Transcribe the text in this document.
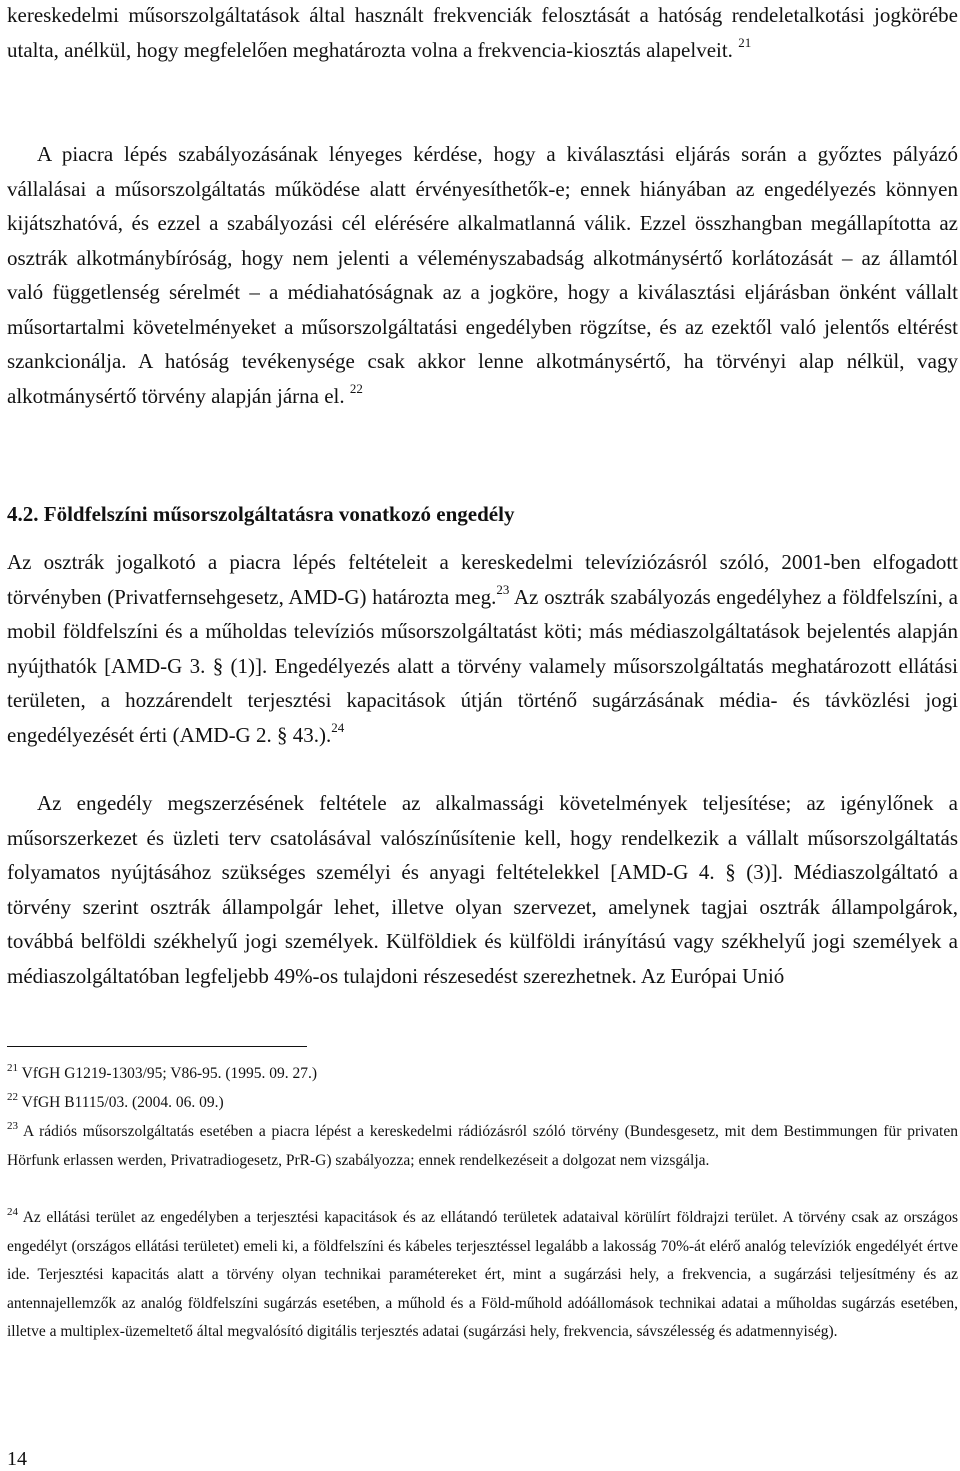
kereskedelmi műsorszolgáltatások által használt frekvenciák felosztását a hatóság rendeletalkotási jogkörébe utalta, anélkül, hogy megfelelően meghatározta volna a frekvencia-kiosztás alapelveit. $^{21}$

A piacra lépés szabályozásának lényeges kérdése, hogy a kiválasztási eljárás során a győztes pályázó vállalásai a műsorszolgáltatás működése alatt érvényesíthetők-e; ennek hiányában az engedélyezés könnyen kijátszhatóvá, és ezzel a szabályozási cél elérésére alkalmatlanná válik. Ezzel összhangban megállapította az osztrák alkotmánybíróság, hogy nem jelenti a véleményszabadság alkotmánysértő korlátozását – az államtól való függetlenség sérelmét – a médiahatóságnak az a jogköre, hogy a kiválasztási eljárásban önként vállalt műsortartalmi követelményeket a műsorszolgáltatási engedélyben rögzítse, és az ezektől való jelentős eltérést szankcionálja. A hatóság tevékenysége csak akkor lenne alkotmánysértő, ha törvényi alap nélkül, vagy alkotmánysértő törvény alapján járna el. $^{22}$

4.2. Földfelszíni műsorszolgáltatásra vonatkozó engedély

Az osztrák jogalkotó a piacra lépés feltételeit a kereskedelmi televíziózásról szóló, 2001-ben elfogadott törvényben (Privatfernsehgesetz, AMD-G) határozta meg.$^{23}$ Az osztrák szabályozás engedélyhez a földfelszíni, a mobil földfelszíni és a műholdas televíziós műsorszolgáltatást köti; más médiaszolgáltatások bejelentés alapján nyújthatók [AMD-G 3. § (1)]. Engedélyezés alatt a törvény valamely műsorszolgáltatás meghatározott ellátási területen, a hozzárendelt terjesztési kapacitások útján történő sugárzásának média- és távközlési jogi engedélyezését érti (AMD-G 2. § 43.).$^{24}$

Az engedély megszerzésének feltétele az alkalmassági követelmények teljesítése; az igénylőnek a műsorszerkezet és üzleti terv csatolásával valószínűsítenie kell, hogy rendelkezik a vállalt műsorszolgáltatás folyamatos nyújtásához szükséges személyi és anyagi feltételekkel [AMD-G 4. § (3)]. Médiaszolgáltató a törvény szerint osztrák állampolgár lehet, illetve olyan szervezet, amelynek tagjai osztrák állampolgárok, továbbá belföldi székhelyű jogi személyek. Külföldiek és külföldi irányítású vagy székhelyű jogi személyek a médiaszolgáltatóban legfeljebb 49%-os tulajdoni részesedést szerezhetnek. Az Európai Unió

$^{21}$ VfGH G1219-1303/95; V86-95. (1995. 09. 27.)

$^{22}$ VfGH B1115/03. (2004. 06. 09.)

$^{23}$ A rádiós műsorszolgáltatás esetében a piacra lépést a kereskedelmi rádiózásról szóló törvény (Bundesgesetz, mit dem Bestimmungen für privaten Hörfunk erlassen werden, Privatradiogesetz, PrR-G) szabályozza; ennek rendelkezéseit a dolgozat nem vizsgálja.

$^{24}$ Az ellátási terület az engedélyben a terjesztési kapacitások és az ellátandó területek adataival körülírt földrajzi terület. A törvény csak az országos engedélyt (országos ellátási területet) emeli ki, a földfelszíni és kábeles terjesztéssel legalább a lakosság 70%-át elérő analóg televíziók engedélyét értve ide. Terjesztési kapacitás alatt a törvény olyan technikai paramétereket ért, mint a sugárzási hely, a frekvencia, a sugárzási teljesítmény és az antennajellemzők az analóg földfelszíni sugárzás esetében, a műhold és a Föld-műhold adóállomások technikai adatai a műholdas sugárzás esetében, illetve a multiplex-üzemeltető által megvalósító digitális terjesztés adatai (sugárzási hely, frekvencia, sávszélesség és adatmennyiség).

14
